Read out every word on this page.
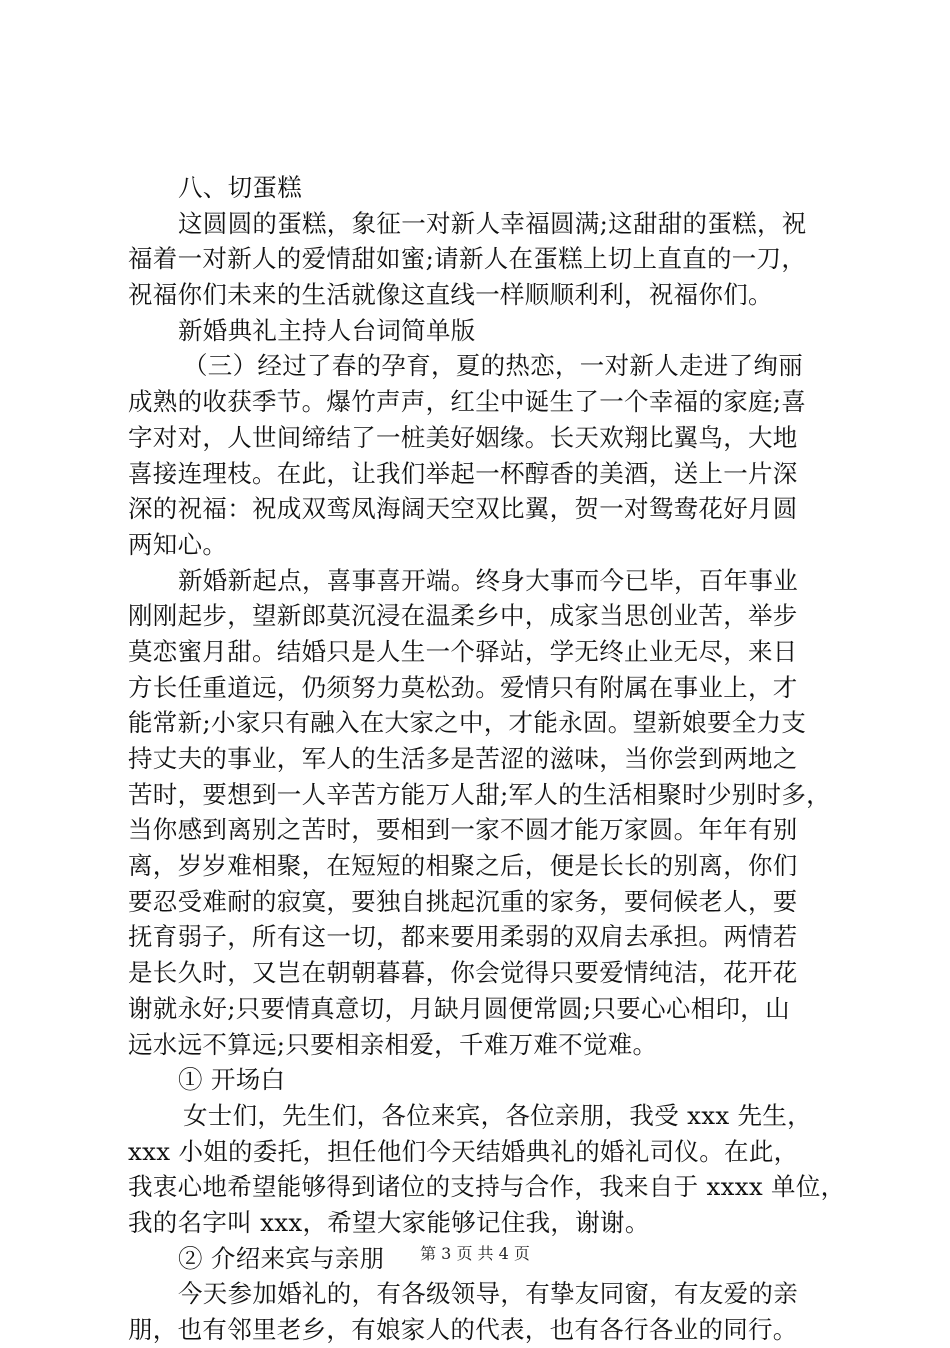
八、切蛋糕

这圆圆的蛋糕，象征一对新人幸福圆满;这甜甜的蛋糕，祝

福着一对新人的爱情甜如蜜;请新人在蛋糕上切上直直的一刀，

祝福你们未来的生活就像这直线一样顺顺利利，祝福你们。

新婚典礼主持人台词简单版

（三）经过了春的孕育，夏的热恋，一对新人走进了绚丽

成熟的收获季节。爆竹声声，红尘中诞生了一个幸福的家庭;喜

字对对，人世间缔结了一桩美好姻缘。长天欢翔比翼鸟，大地

喜接连理枝。在此，让我们举起一杯醇香的美酒，送上一片深

深的祝福：祝成双鸾凤海阔天空双比翼，贺一对鸳鸯花好月圆

两知心。

新婚新起点，喜事喜开端。终身大事而今已毕，百年事业

刚刚起步，望新郎莫沉浸在温柔乡中，成家当思创业苦，举步

莫恋蜜月甜。结婚只是人生一个驿站，学无终止业无尽，来日

方长任重道远，仍须努力莫松劲。爱情只有附属在事业上，才

能常新;小家只有融入在大家之中，才能永固。望新娘要全力支

持丈夫的事业，军人的生活多是苦涩的滋味，当你尝到两地之

苦时，要想到一人辛苦方能万人甜;军人的生活相聚时少别时多，

当你感到离别之苦时，要相到一家不圆才能万家圆。年年有别

离，岁岁难相聚，在短短的相聚之后，便是长长的别离，你们

要忍受难耐的寂寞，要独自挑起沉重的家务，要伺候老人，要

抚育弱子，所有这一切，都来要用柔弱的双肩去承担。两情若

是长久时，又岂在朝朝暮暮，你会觉得只要爱情纯洁，花开花

谢就永好;只要情真意切，月缺月圆便常圆;只要心心相印，山

远水远不算远;只要相亲相爱，千难万难不觉难。

① 开场白

女士们，先生们，各位来宾，各位亲朋，我受 xxx 先生，

xxx 小姐的委托，担任他们今天结婚典礼的婚礼司仪。在此，

我衷心地希望能够得到诸位的支持与合作，我来自于 xxxx 单位，

我的名字叫 xxx，希望大家能够记住我，谢谢。

② 介绍来宾与亲朋

今天参加婚礼的，有各级领导，有挚友同窗，有友爱的亲

朋，也有邻里老乡，有娘家人的代表，也有各行各业的同行。

第 3 页 共 4 页
